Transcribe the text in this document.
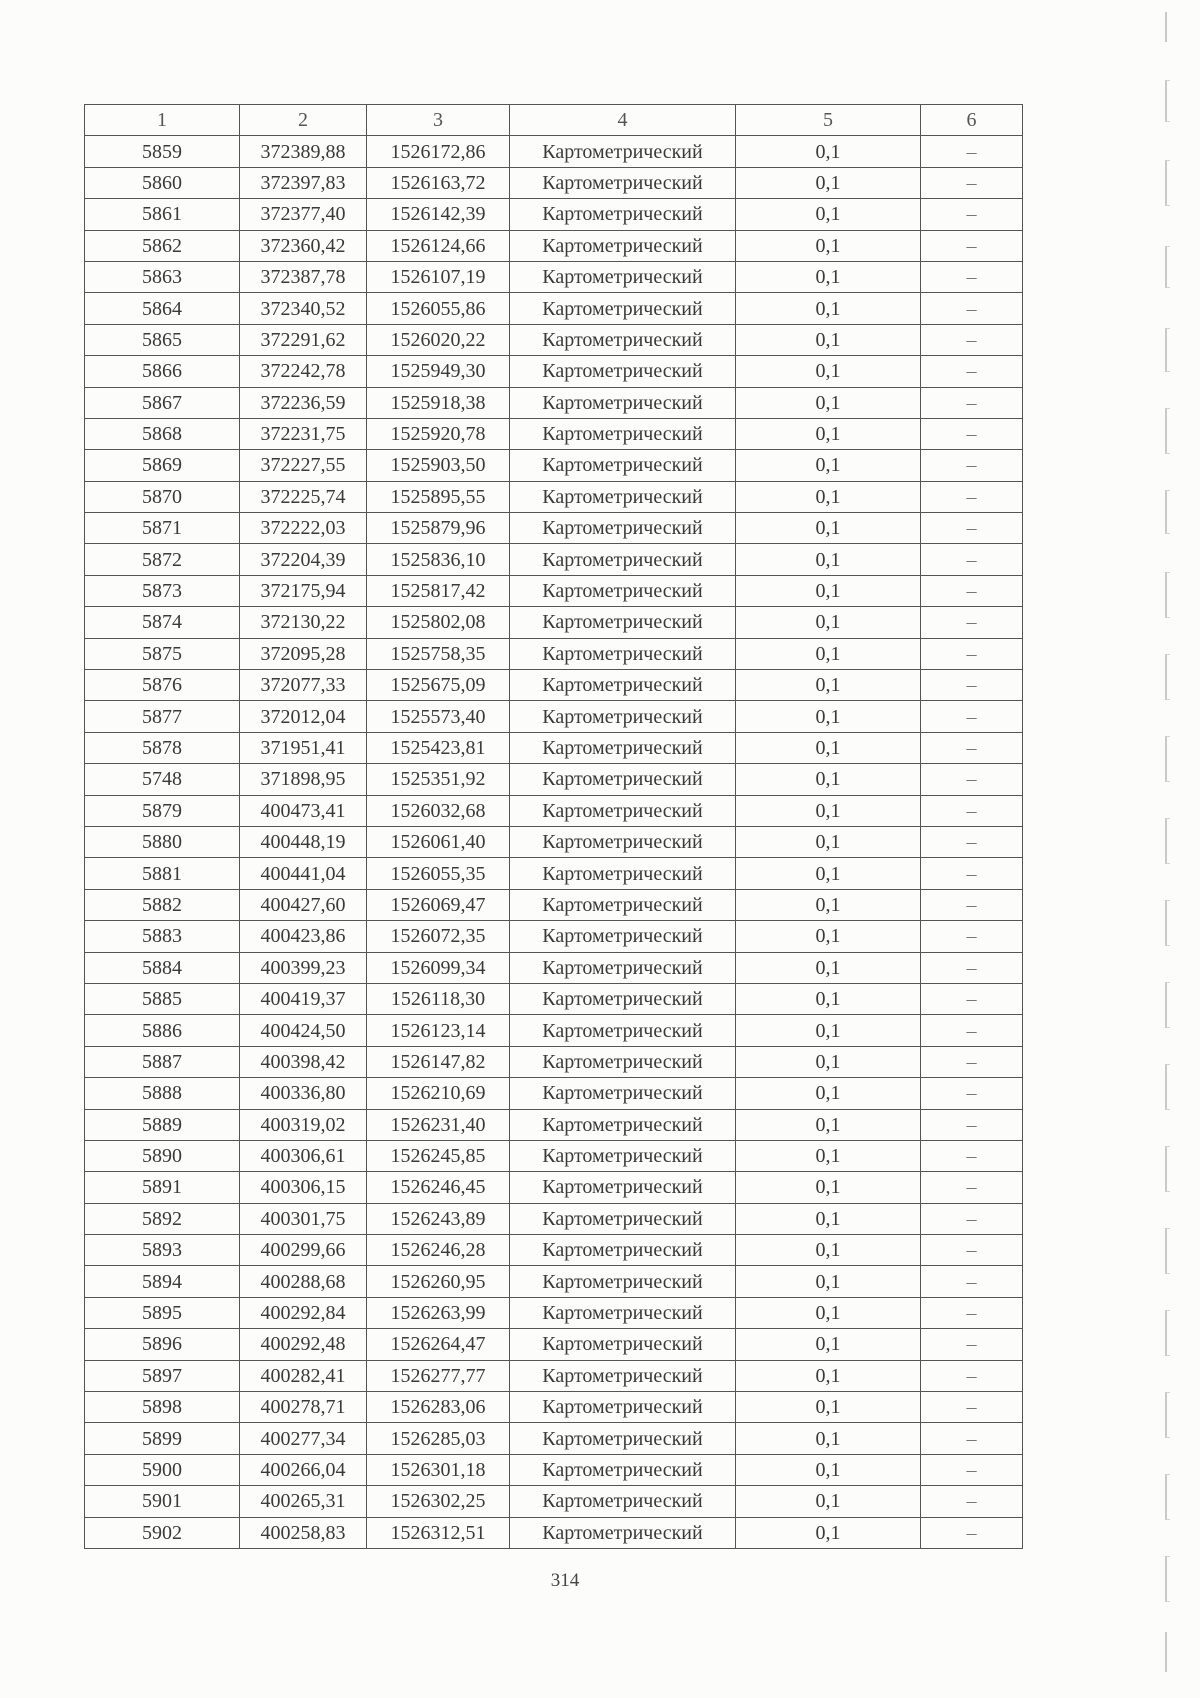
1	2	3	4	5	6
5859	372389,88	1526172,86	Картометрический	0,1	–
5860	372397,83	1526163,72	Картометрический	0,1	–
5861	372377,40	1526142,39	Картометрический	0,1	–
5862	372360,42	1526124,66	Картометрический	0,1	–
5863	372387,78	1526107,19	Картометрический	0,1	–
5864	372340,52	1526055,86	Картометрический	0,1	–
5865	372291,62	1526020,22	Картометрический	0,1	–
5866	372242,78	1525949,30	Картометрический	0,1	–
5867	372236,59	1525918,38	Картометрический	0,1	–
5868	372231,75	1525920,78	Картометрический	0,1	–
5869	372227,55	1525903,50	Картометрический	0,1	–
5870	372225,74	1525895,55	Картометрический	0,1	–
5871	372222,03	1525879,96	Картометрический	0,1	–
5872	372204,39	1525836,10	Картометрический	0,1	–
5873	372175,94	1525817,42	Картометрический	0,1	–
5874	372130,22	1525802,08	Картометрический	0,1	–
5875	372095,28	1525758,35	Картометрический	0,1	–
5876	372077,33	1525675,09	Картометрический	0,1	–
5877	372012,04	1525573,40	Картометрический	0,1	–
5878	371951,41	1525423,81	Картометрический	0,1	–
5748	371898,95	1525351,92	Картометрический	0,1	–
5879	400473,41	1526032,68	Картометрический	0,1	–
5880	400448,19	1526061,40	Картометрический	0,1	–
5881	400441,04	1526055,35	Картометрический	0,1	–
5882	400427,60	1526069,47	Картометрический	0,1	–
5883	400423,86	1526072,35	Картометрический	0,1	–
5884	400399,23	1526099,34	Картометрический	0,1	–
5885	400419,37	1526118,30	Картометрический	0,1	–
5886	400424,50	1526123,14	Картометрический	0,1	–
5887	400398,42	1526147,82	Картометрический	0,1	–
5888	400336,80	1526210,69	Картометрический	0,1	–
5889	400319,02	1526231,40	Картометрический	0,1	–
5890	400306,61	1526245,85	Картометрический	0,1	–
5891	400306,15	1526246,45	Картометрический	0,1	–
5892	400301,75	1526243,89	Картометрический	0,1	–
5893	400299,66	1526246,28	Картометрический	0,1	–
5894	400288,68	1526260,95	Картометрический	0,1	–
5895	400292,84	1526263,99	Картометрический	0,1	–
5896	400292,48	1526264,47	Картометрический	0,1	–
5897	400282,41	1526277,77	Картометрический	0,1	–
5898	400278,71	1526283,06	Картометрический	0,1	–
5899	400277,34	1526285,03	Картометрический	0,1	–
5900	400266,04	1526301,18	Картометрический	0,1	–
5901	400265,31	1526302,25	Картометрический	0,1	–
5902	400258,83	1526312,51	Картометрический	0,1	–
314
